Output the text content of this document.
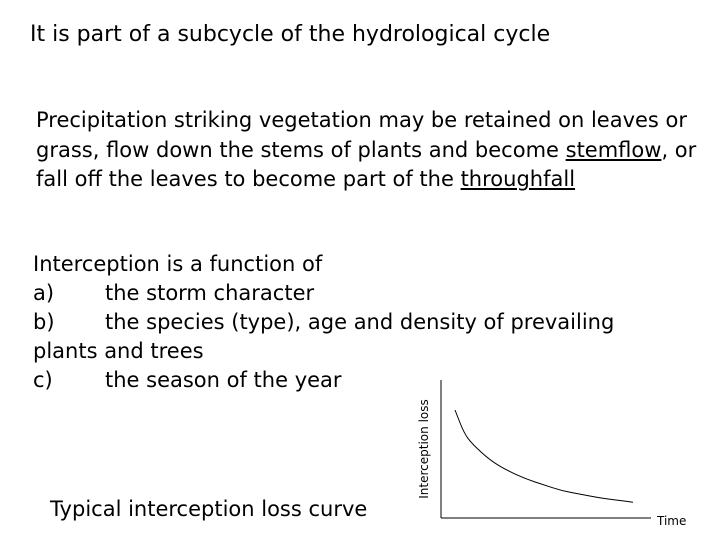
It is part of a subcycle of the hydrological cycle
Precipitation striking vegetation may be retained on leaves or grass, flow down the stems of plants and become stemflow, or fall off the leaves to become part of the throughfall
Interception is a function of
a) the storm character
b) the species (type), age and density of prevailing
plants and trees
c) the season of the year
Typical interception loss curve
Interception loss
Time
